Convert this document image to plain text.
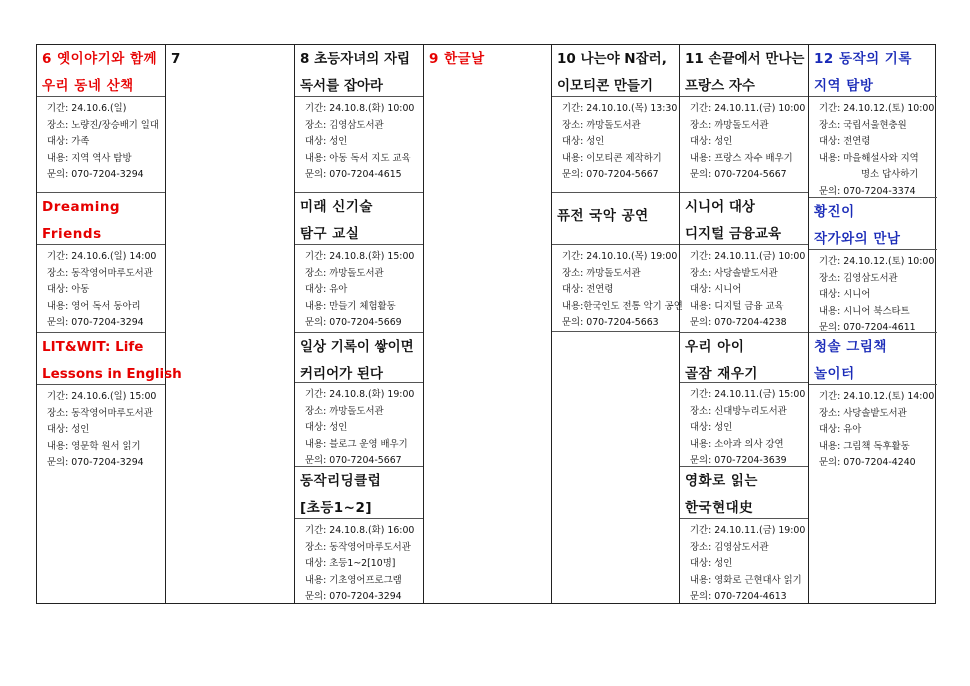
6 옛이야기와 함께
우리 동네 산책
기간: 24.10.6.(일)
장소: 노량진/장승배기 일대
대상: 가족
내용: 지역 역사 탐방
문의: 070-7204-3294
Dreaming
Friends
기간: 24.10.6.(일) 14:00
장소: 동작영어마루도서관
대상: 아동
내용: 영어 독서 동아리
문의: 070-7204-3294
LIT&WIT: Life
Lessons in English
기간: 24.10.6.(일) 15:00
장소: 동작영어마루도서관
대상: 성인
내용: 영문학 원서 읽기
문의: 070-7204-3294
7	8 초등자녀의 자립
독서를 잡아라
기간: 24.10.8.(화) 10:00
장소: 김영삼도서관
대상: 성인
내용: 아동 독서 지도 교육
문의: 070-7204-4615
미래 신기술
탐구 교실
기간: 24.10.8.(화) 15:00
장소: 까망돌도서관
대상: 유아
내용: 만들기 체험활동
문의: 070-7204-5669
일상 기록이 쌓이면
커리어가 된다
기간: 24.10.8.(화) 19:00
장소: 까망돌도서관
대상: 성인
내용: 블로그 운영 배우기
문의: 070-7204-5667
동작리딩클럽
[초등1~2]
기간: 24.10.8.(화) 16:00
장소: 동작영어마루도서관
대상: 초등1~2[10명]
내용: 기초영어프로그램
문의: 070-7204-3294
9 한글날	10 나는야 N잡러,
이모티콘 만들기
기간: 24.10.10.(목) 13:30
장소: 까망돌도서관
대상: 성인
내용: 이모티콘 제작하기
문의: 070-7204-5667
퓨전 국악 공연
기간: 24.10.10.(목) 19:00
장소: 까망돌도서관
대상: 전연령
내용:한국인도 전통 악기 공연
문의: 070-7204-5663
11 손끝에서 만나는
프랑스 자수
기간: 24.10.11.(금) 10:00
장소: 까망돌도서관
대상: 성인
내용: 프랑스 자수 배우기
문의: 070-7204-5667
시니어 대상
디지털 금융교육
기간: 24.10.11.(금) 10:00
장소: 사당솔밭도서관
대상: 시니어
내용: 디지털 금융 교육
문의: 070-7204-4238
우리 아이
골잠 재우기
기간: 24.10.11.(금) 15:00
장소: 신대방누리도서관
대상: 성인
내용: 소아과 의사 강연
문의: 070-7204-3639
영화로 읽는
한국현대史
기간: 24.10.11.(금) 19:00
장소: 김영삼도서관
대상: 성인
내용: 영화로 근현대사 읽기
문의: 070-7204-4613
12 동작의 기록
지역 탐방
기간: 24.10.12.(토) 10:00
장소: 국립서울현충원
대상: 전연령
내용: 마을해설사와 지역
명소 답사하기
문의: 070-7204-3374
황진이
작가와의 만남
기간: 24.10.12.(토) 10:00
장소: 김영삼도서관
대상: 시니어
내용: 시니어 북스타트
문의: 070-7204-4611
청솔 그림책
놀이터
기간: 24.10.12.(토) 14:00
장소: 사당솔밭도서관
대상: 유아
내용: 그림책 독후활동
문의: 070-7204-4240
